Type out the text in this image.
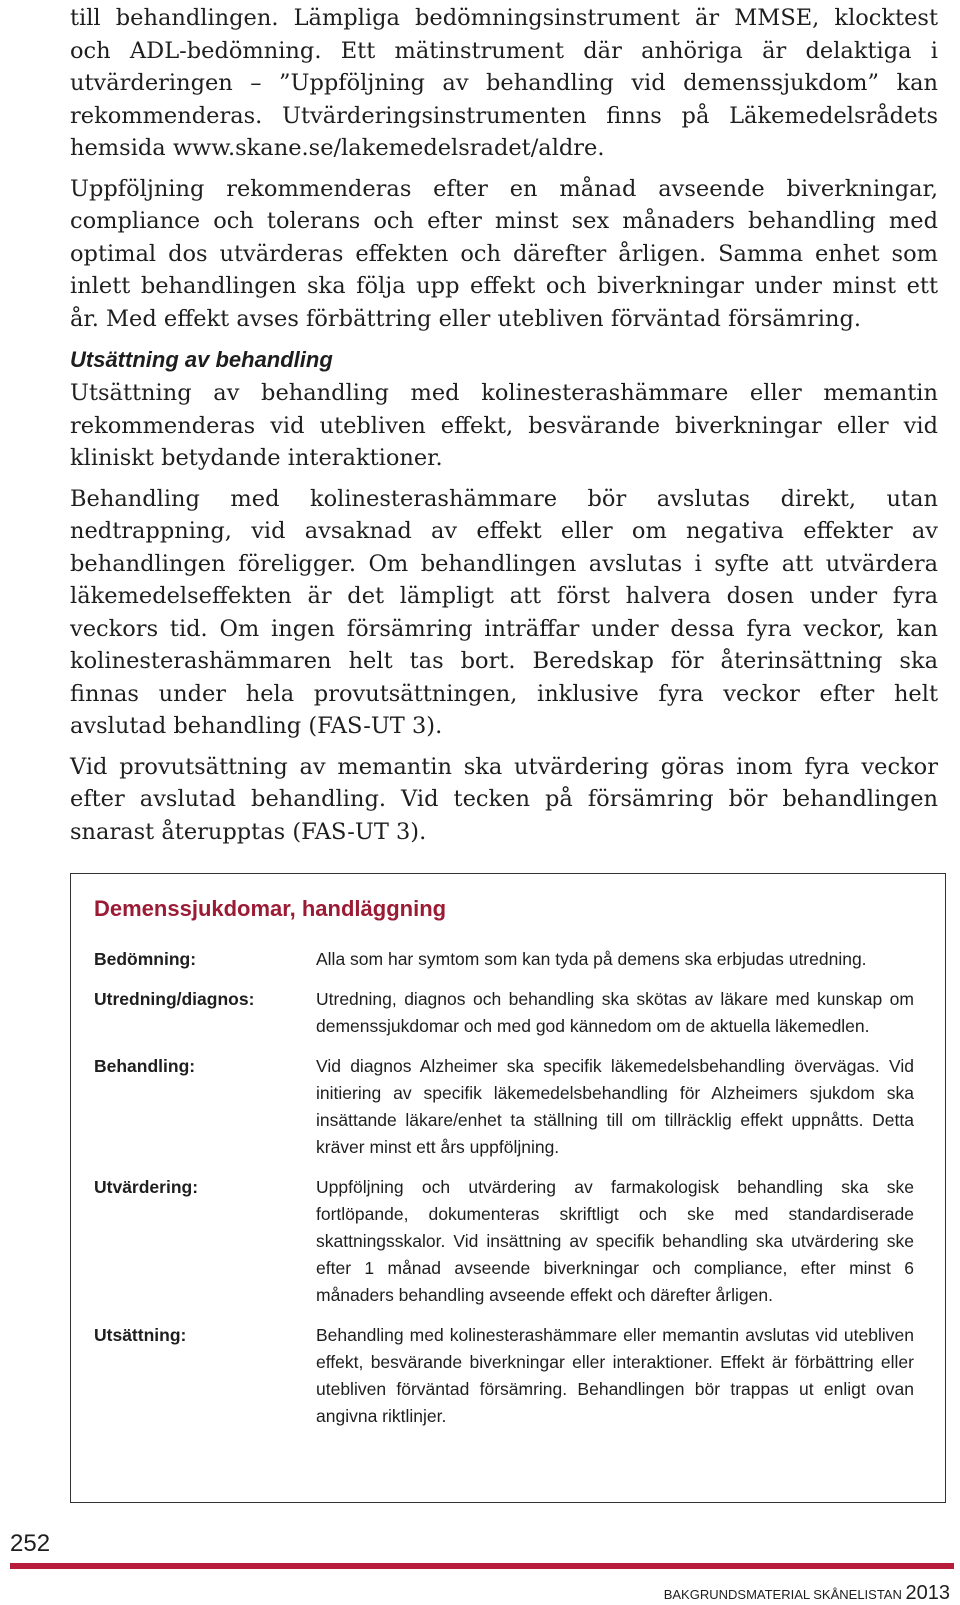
till behandlingen. Lämpliga bedömningsinstrument är MMSE, klocktest och ADL-bedömning. Ett mätinstrument där anhöriga är delaktiga i utvärderingen – ”Uppföljning av behandling vid demenssjukdom” kan rekommenderas. Utvärderingsinstrumenten finns på Läkemedelsrådets hemsida www.skane.se/lakemedelsradet/aldre.

Uppföljning rekommenderas efter en månad avseende biverkningar, compliance och tolerans och efter minst sex månaders behandling med optimal dos utvärderas effekten och därefter årligen. Samma enhet som inlett behandlingen ska följa upp effekt och biverkningar under minst ett år. Med effekt avses förbättring eller utebliven förväntad försämring.

Utsättning av behandling

Utsättning av behandling med kolinesterashämmare eller memantin rekommenderas vid utebliven effekt, besvärande biverkningar eller vid kliniskt betydande interaktioner.

Behandling med kolinesterashämmare bör avslutas direkt, utan nedtrappning, vid avsaknad av effekt eller om negativa effekter av behandlingen föreligger. Om behandlingen avslutas i syfte att utvärdera läkemedelseffekten är det lämpligt att först halvera dosen under fyra veckors tid. Om ingen försämring inträffar under dessa fyra veckor, kan kolinesterashämmaren helt tas bort. Beredskap för återinsättning ska finnas under hela provutsättningen, inklusive fyra veckor efter helt avslutad behandling (FAS-UT 3).

Vid provutsättning av memantin ska utvärdering göras inom fyra veckor efter avslutad behandling. Vid tecken på försämring bör behandlingen snarast återupptas (FAS-UT 3).

Demenssjukdomar, handläggning
Bedömning:	Alla som har symtom som kan tyda på demens ska erbjudas utredning.
Utredning/diagnos:	Utredning, diagnos och behandling ska skötas av läkare med kunskap om demenssjukdomar och med god kännedom om de aktuella läkemedlen.
Behandling:	Vid diagnos Alzheimer ska specifik läkemedelsbehandling övervägas. Vid initiering av specifik läkemedelsbehandling för Alzheimers sjukdom ska insättande läkare/enhet ta ställning till om tillräcklig effekt uppnåtts. Detta kräver minst ett års uppföljning.
Utvärdering:	Uppföljning och utvärdering av farmakologisk behandling ska ske fortlöpande, dokumenteras skriftligt och ske med standardiserade skattningsskalor. Vid insättning av specifik behandling ska utvärdering ske efter 1 månad avseende biverkningar och compliance, efter minst 6 månaders behandling avseende effekt och därefter årligen.
Utsättning:	Behandling med kolinesterashämmare eller memantin avslutas vid utebliven effekt, besvärande biverkningar eller interaktioner. Effekt är förbättring eller utebliven förväntad försämring. Behandlingen bör trappas ut enligt ovan angivna riktlinjer.
252
BAKGRUNDSMATERIAL SKÅNELISTAN 2013
